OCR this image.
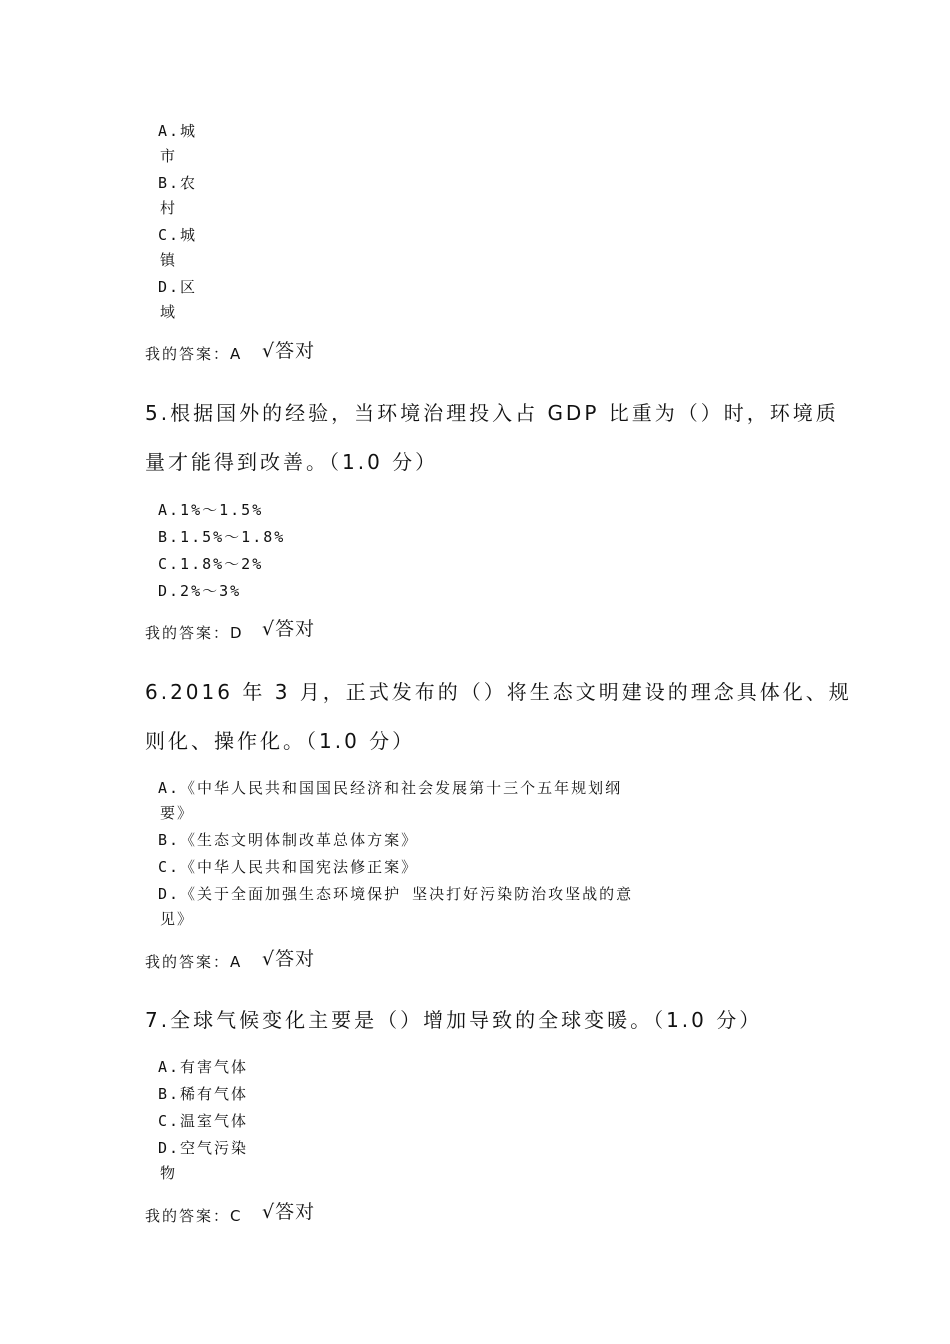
A.城
市
B.农
村
C.城
镇
D.区
域
我的答案：A √答对
5.根据国外的经验，当环境治理投入占 GDP 比重为（）时，环境质
量才能得到改善。（1.0 分）
A.1%～1.5%
B.1.5%～1.8%
C.1.8%～2%
D.2%～3%
我的答案：D √答对
6.2016 年 3 月，正式发布的（）将生态文明建设的理念具体化、规
则化、操作化。（1.0 分）
A.《中华人民共和国国民经济和社会发展第十三个五年规划纲
要》
B.《生态文明体制改革总体方案》
C.《中华人民共和国宪法修正案》
D.《关于全面加强生态环境保护 坚决打好污染防治攻坚战的意
见》
我的答案：A √答对
7.全球气候变化主要是（）增加导致的全球变暖。（1.0 分）
A.有害气体
B.稀有气体
C.温室气体
D.空气污染
物
我的答案：C √答对
